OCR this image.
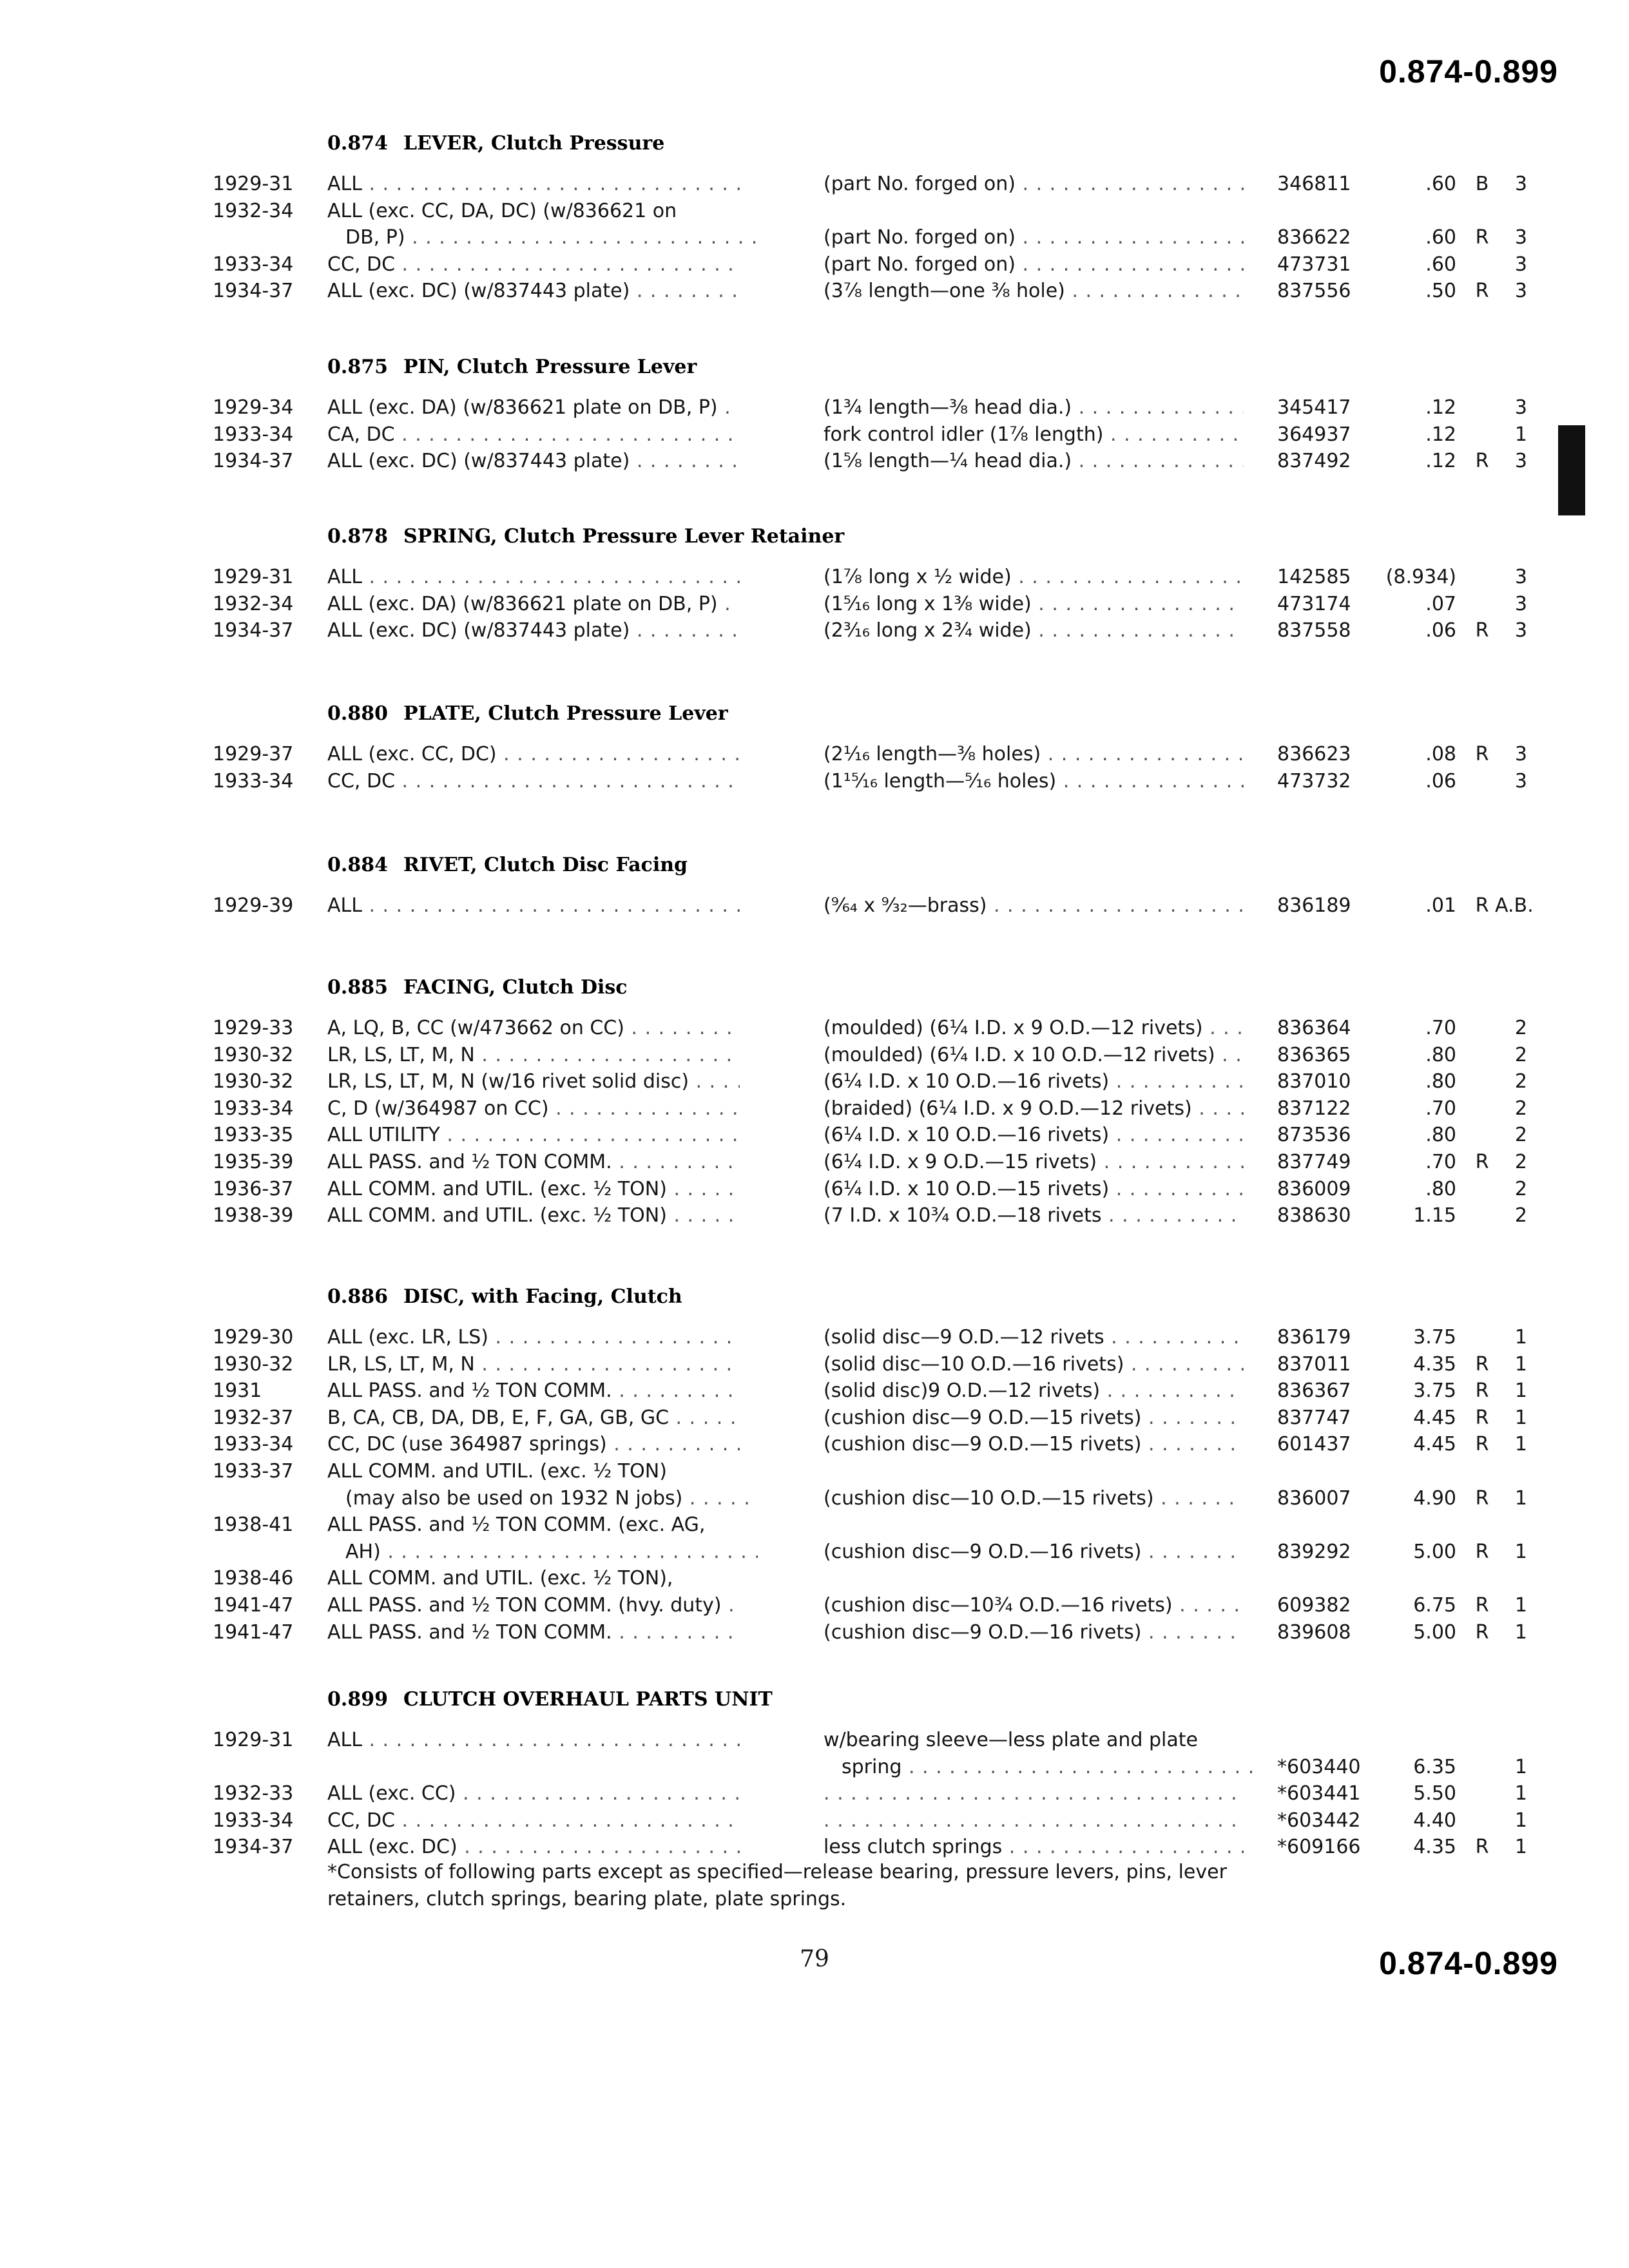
0.874-0.899
0.874 LEVER, Clutch Pressure
1929-31 ALL . . .	(part No. forged on) . . .	346811	.60 B	3
1932-34 ALL (exc. CC, DA, DC) (w/836621 on
DB, P) . . .	(part No. forged on) . . .	836622	.60 R	3
1933-34 CC, DC . . .	(part No. forged on) . . .	473731	.60	3
1934-37 ALL (exc. DC) (w/837443 plate) . . .	(3⅞ length—one ⅜ hole) . . .	837556	.50 R	3
0.875 PIN, Clutch Pressure Lever
1929-34 ALL (exc. DA) (w/836621 plate on DB, P) . . .	(1¾ length—⅜ head dia.) . . .	345417	.12	3
1933-34 CA, DC . . .	fork control idler (1⅞ length) . . .	364937	.12	1
1934-37 ALL (exc. DC) (w/837443 plate) . . .	(1⅝ length—¼ head dia.) . . .	837492	.12 R	3
0.878 SPRING, Clutch Pressure Lever Retainer
1929-31 ALL . . .	(1⅞ long x ½ wide) . . .	142585 (8.934)	3
1932-34 ALL (exc. DA) (w/836621 plate on DB, P) . . .	(1⁵⁄₁₆ long x 1⅜ wide) . . .	473174	.07	3
1934-37 ALL (exc. DC) (w/837443 plate) . . .	(2³⁄₁₆ long x 2¾ wide) . . .	837558	.06 R	3
0.880 PLATE, Clutch Pressure Lever
1929-37 ALL (exc. CC, DC) . . .	(2¹⁄₁₆ length—⅜ holes) . . .	836623	.08 R	3
1933-34 CC, DC . . .	(1¹⁵⁄₁₆ length—⁵⁄₁₆ holes) . . .	473732	.06	3
0.884 RIVET, Clutch Disc Facing
1929-39 ALL . . .	(⁹⁄₆₄ x ⁹⁄₃₂—brass) . . .	836189	.01 R A.B.
0.885 FACING, Clutch Disc
1929-33 A, LQ, B, CC (w/473662 on CC) . . .	(moulded) (6¼ I.D. x 9 O.D.—12 rivets) . . .	836364	.70	2
1930-32 LR, LS, LT, M, N . . .	(moulded) (6¼ I.D. x 10 O.D.—12 rivets) . . .	836365	.80	2
1930-32 LR, LS, LT, M, N (w/16 rivet solid disc) . . .	(6¼ I.D. x 10 O.D.—16 rivets) . . .	837010	.80	2
1933-34 C, D (w/364987 on CC) . . .	(braided) (6¼ I.D. x 9 O.D.—12 rivets) . . .	837122	.70	2
1933-35 ALL UTILITY . . .	(6¼ I.D. x 10 O.D.—16 rivets) . . .	873536	.80	2
1935-39 ALL PASS. and ½ TON COMM. . . .	(6¼ I.D. x 9 O.D.—15 rivets) . . .	837749	.70 R	2
1936-37 ALL COMM. and UTIL. (exc. ½ TON) . . .	(6¼ I.D. x 10 O.D.—15 rivets) . . .	836009	.80	2
1938-39 ALL COMM. and UTIL. (exc. ½ TON) . . .	(7 I.D. x 10¾ O.D.—18 rivets . . .	838630	1.15	2
0.886 DISC, with Facing, Clutch
1929-30 ALL (exc. LR, LS) . . .	(solid disc—9 O.D.—12 rivets . . .	836179	3.75	1
1930-32 LR, LS, LT, M, N . . .	(solid disc—10 O.D.—16 rivets) . . .	837011	4.35 R	1
1931	ALL PASS. and ½ TON COMM. . . .	(solid disc)9 O.D.—12 rivets) . . .	836367	3.75 R	1
1932-37 B, CA, CB, DA, DB, E, F, GA, GB, GC . . .	(cushion disc—9 O.D.—15 rivets) . . .	837747	4.45 R	1
1933-34 CC, DC (use 364987 springs) . . .	(cushion disc—9 O.D.—15 rivets) . . .	601437	4.45 R	1
1933-37 ALL COMM. and UTIL. (exc. ½ TON)
(may also be used on 1932 N jobs) . . .	(cushion disc—10 O.D.—15 rivets) . . .	836007	4.90 R	1
1938-41 ALL PASS. and ½ TON COMM. (exc. AG,
AH) . . .	(cushion disc—9 O.D.—16 rivets) . . .	839292	5.00 R	1
1938-46 ALL COMM. and UTIL. (exc. ½ TON),
1941-47 ALL PASS. and ½ TON COMM. (hvy. duty) . . .	(cushion disc—10¾ O.D.—16 rivets) . . .	609382	6.75 R	1
1941-47 ALL PASS. and ½ TON COMM. . . .	(cushion disc—9 O.D.—16 rivets) . . .	839608	5.00 R	1
0.899 CLUTCH OVERHAUL PARTS UNIT
1929-31 ALL . . .	w/bearing sleeve—less plate and plate
spring . . .	*603440	6.35	1
1932-33 ALL (exc. CC) . . . . . .	*603441	5.50	1
1933-34 CC, DC . . . . . .	*603442	4.40	1
1934-37 ALL (exc. DC) . . .	less clutch springs . . .	*609166	4.35 R	1
*Consists of following parts except as specified—release bearing, pressure levers, pins, lever retainers, clutch springs, bearing plate, plate springs.
79	0.874-0.899
